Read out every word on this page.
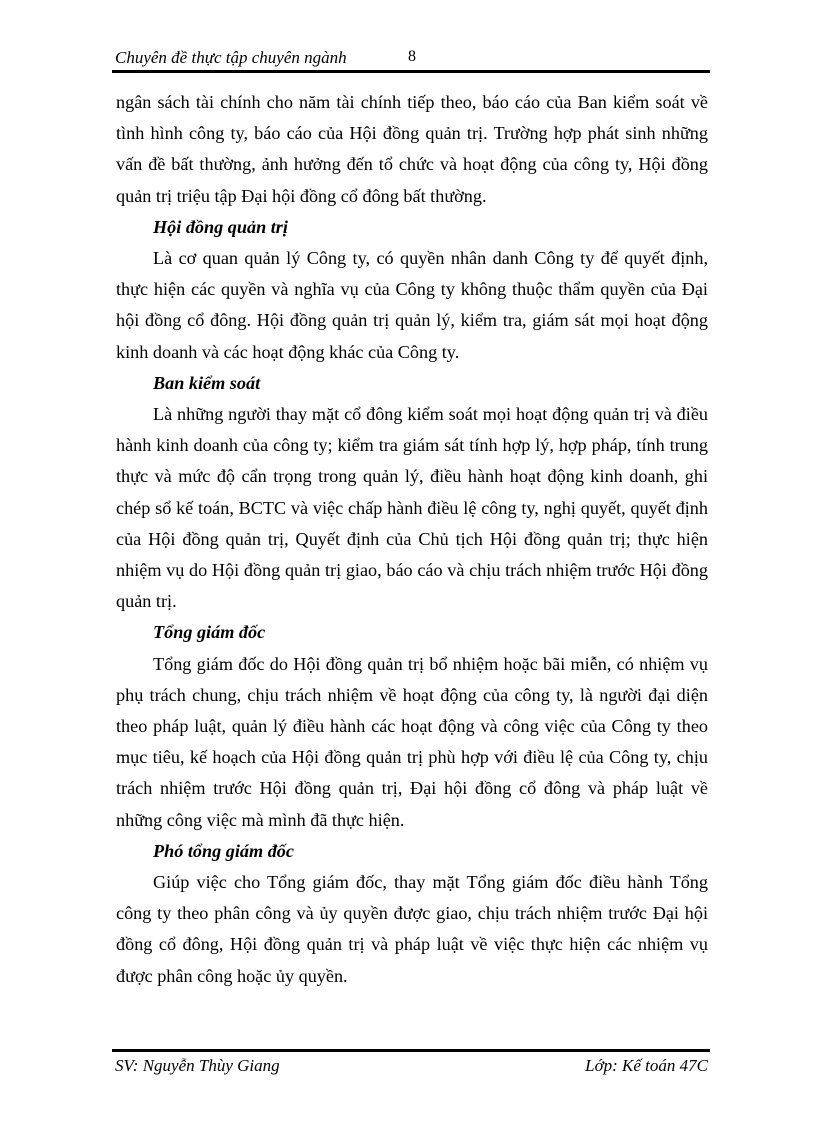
Chuyên đề thực tập chuyên ngành	8

ngân sách tài chính cho năm tài chính tiếp theo, báo cáo của Ban kiểm soát về tình hình công ty, báo cáo của Hội đồng quản trị. Trường hợp phát sinh những vấn đề bất thường, ảnh hưởng đến tổ chức và hoạt động của công ty, Hội đồng quản trị triệu tập Đại hội đồng cổ đông bất thường.

Hội đồng quản trị

Là cơ quan quản lý Công ty, có quyền nhân danh Công ty để quyết định, thực hiện các quyền và nghĩa vụ của Công ty không thuộc thẩm quyền của Đại hội đồng cổ đông. Hội đồng quản trị quản lý, kiểm tra, giám sát mọi hoạt động kinh doanh và các hoạt động khác của Công ty.

Ban kiểm soát

Là những người thay mặt cổ đông kiểm soát mọi hoạt động quản trị và điều hành kinh doanh của công ty; kiểm tra giám sát tính hợp lý, hợp pháp, tính trung thực và mức độ cẩn trọng trong quản lý, điều hành hoạt động kinh doanh, ghi chép sổ kế toán, BCTC và việc chấp hành điều lệ công ty, nghị quyết, quyết định của Hội đồng quản trị, Quyết định của Chủ tịch Hội đồng quản trị; thực hiện nhiệm vụ do Hội đồng quản trị giao, báo cáo và chịu trách nhiệm trước Hội đồng quản trị.

Tổng giám đốc

Tổng giám đốc do Hội đồng quản trị bổ nhiệm hoặc bãi miễn, có nhiệm vụ phụ trách chung, chịu trách nhiệm về hoạt động của công ty, là người đại diện theo pháp luật, quản lý điều hành các hoạt động và công việc của Công ty theo mục tiêu, kế hoạch của Hội đồng quản trị phù hợp với điều lệ của Công ty, chịu trách nhiệm trước Hội đồng quản trị, Đại hội đồng cổ đông và pháp luật về những công việc mà mình đã thực hiện.

Phó tổng giám đốc

Giúp việc cho Tổng giám đốc, thay mặt Tổng giám đốc điều hành Tổng công ty theo phân công và ủy quyền được giao, chịu trách nhiệm trước Đại hội đồng cổ đông, Hội đồng quản trị và pháp luật về việc thực hiện các nhiệm vụ được phân công hoặc ủy quyền.

SV: Nguyễn Thùy Giang	Lớp: Kế toán 47C
